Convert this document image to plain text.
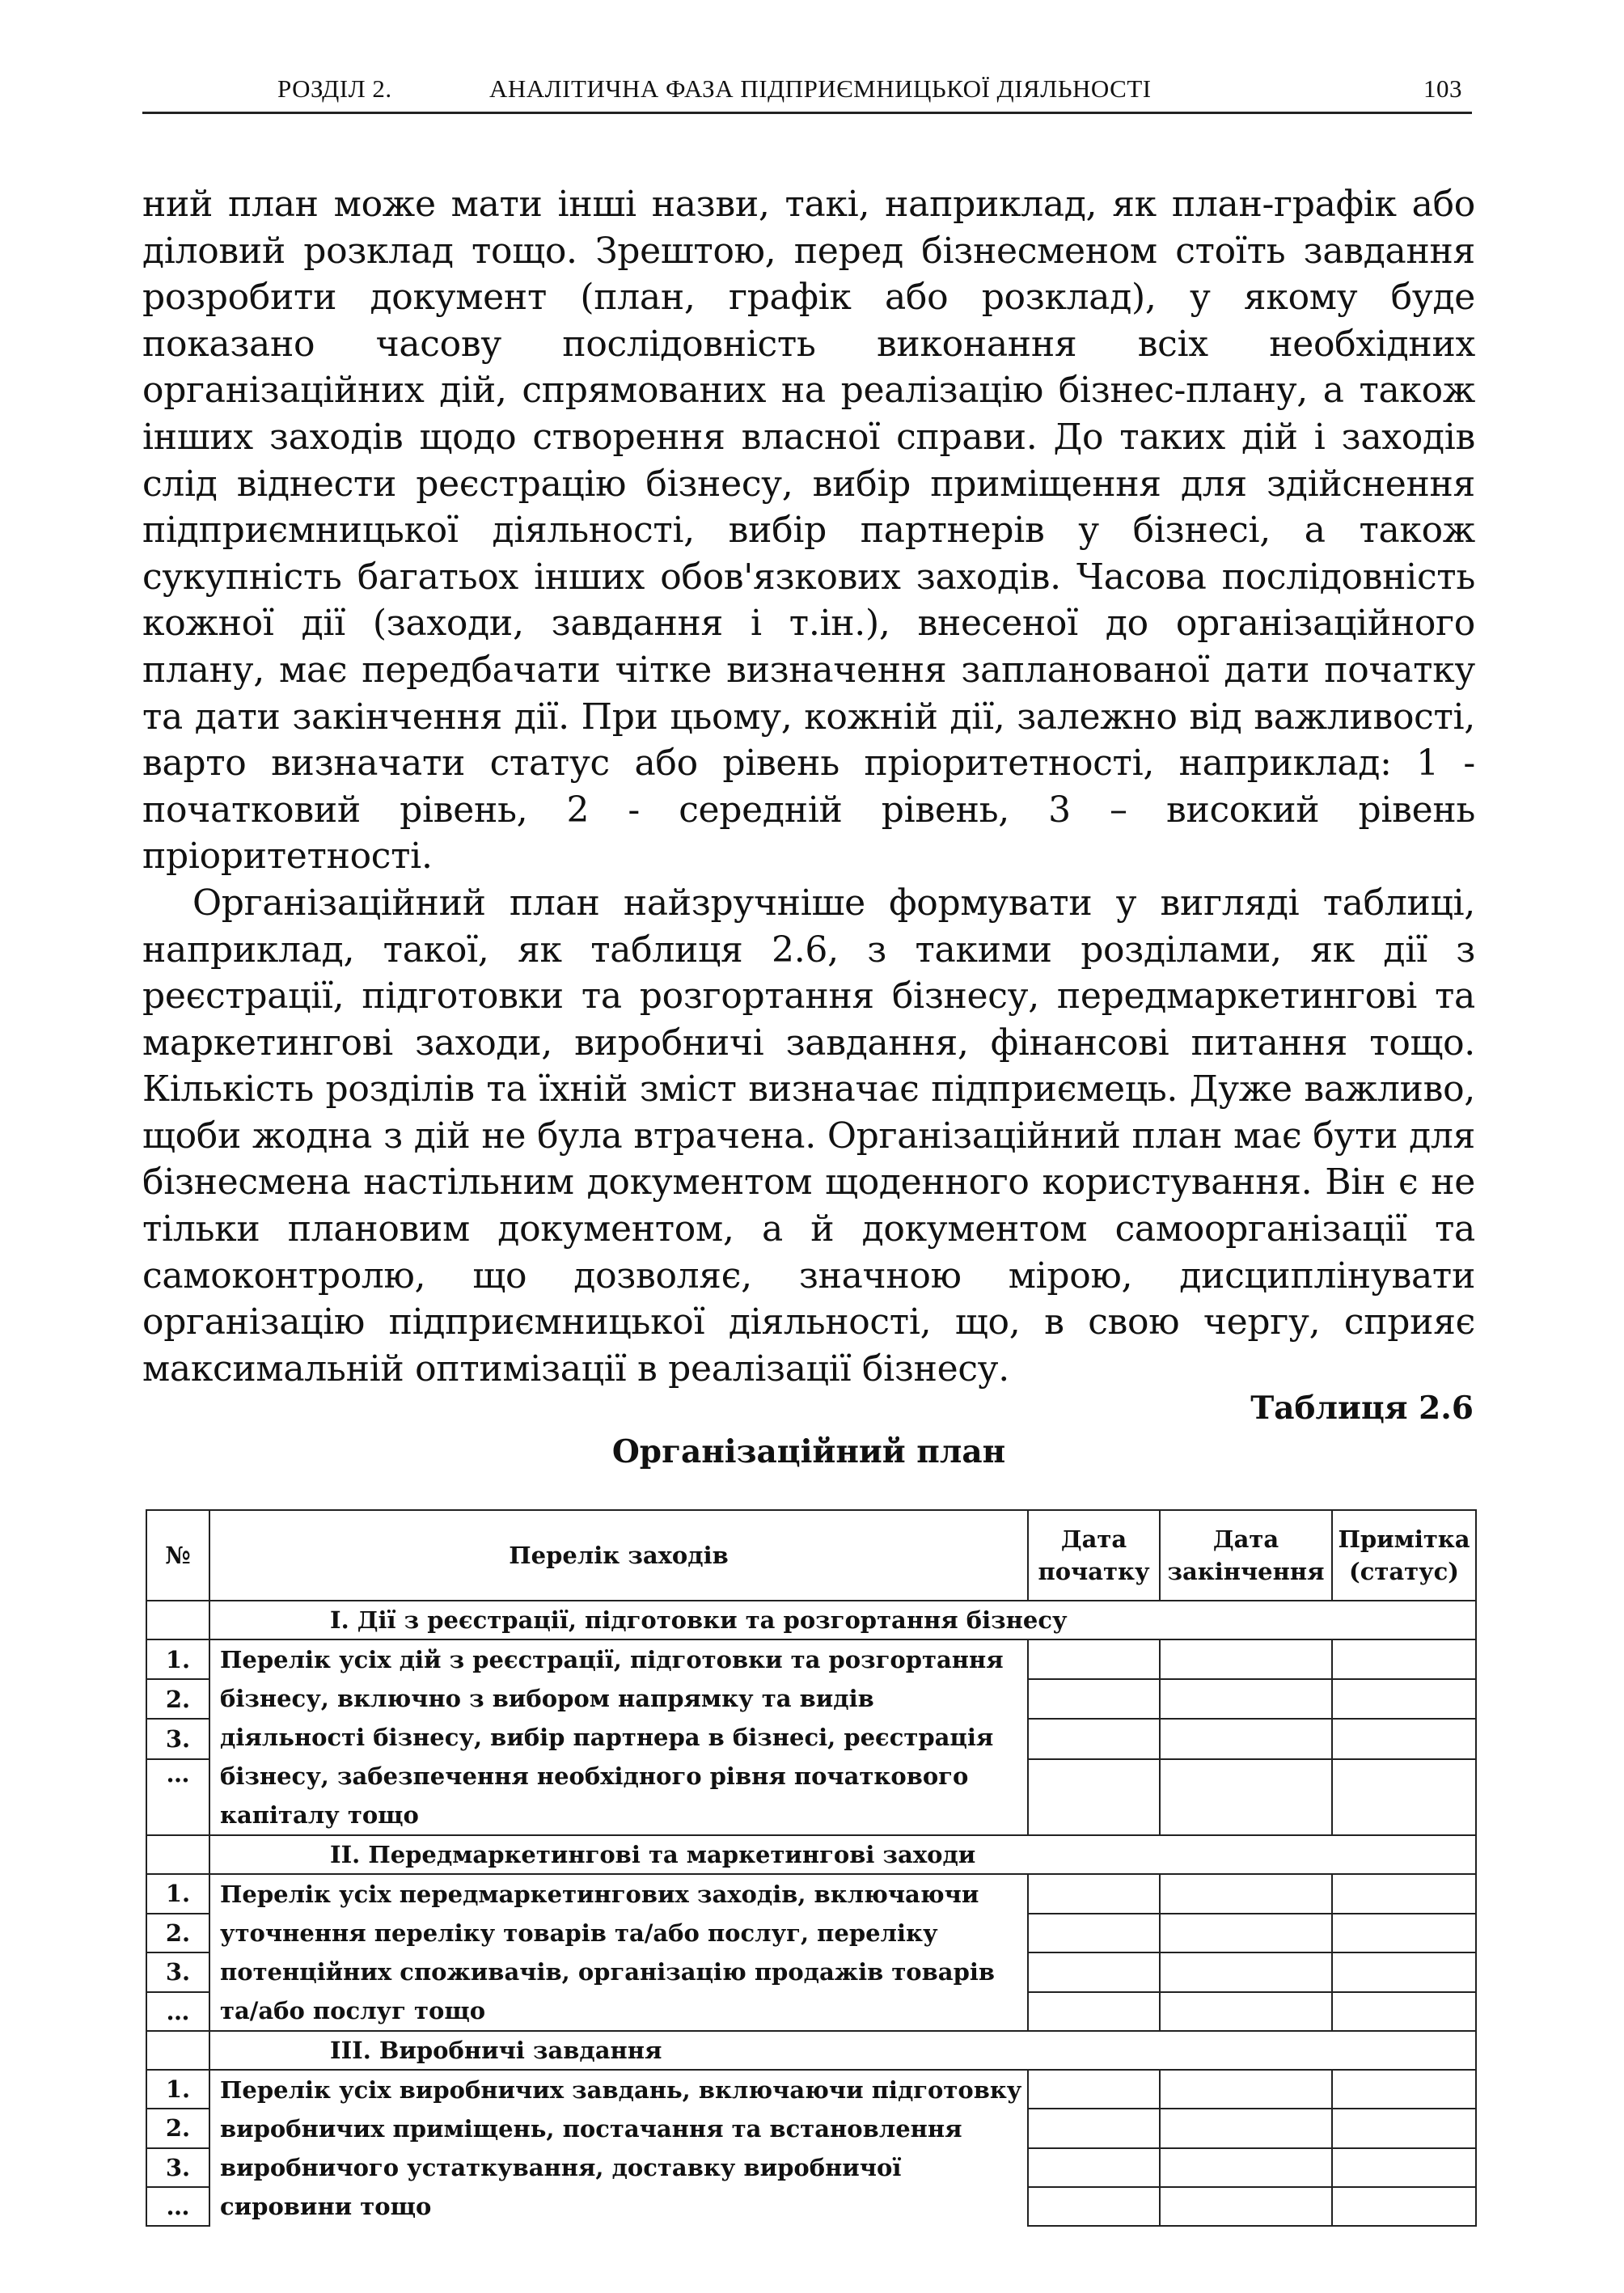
РОЗДІЛ 2.	АНАЛІТИЧНА ФАЗА ПІДПРИЄМНИЦЬКОЇ ДІЯЛЬНОСТІ	103

ний план може мати інші назви, такі, наприклад, як план-графік або діловий розклад тощо. Зрештою, перед бізнесменом стоїть завдання розробити документ (план, графік або розклад), у якому буде показано часову послідовність виконання всіх необхідних організаційних дій, спрямованих на реалізацію бізнес-плану, а також інших заходів щодо створення власної справи. До таких дій і заходів слід віднести реєстрацію бізнесу, вибір приміщення для здійснення підприємницької діяльності, вибір партнерів у бізнесі, а також сукупність багатьох інших обов'язкових заходів. Часова послідовність кожної дії (заходи, завдання і т.ін.), внесеної до організаційного плану, має передбачати чітке визначення запланованої дати початку та дати закінчення дії. При цьому, кожній дії, залежно від важливості, варто визначати статус або рівень пріоритетності, наприклад: 1 - початковий рівень, 2 - середній рівень, 3 – високий рівень пріоритетності.

Організаційний план найзручніше формувати у вигляді таблиці, наприклад, такої, як таблиця 2.6, з такими розділами, як дії з реєстрації, підготовки та розгортання бізнесу, передмаркетингові та маркетингові заходи, виробничі завдання, фінансові питання тощо. Кількість розділів та їхній зміст визначає підприємець. Дуже важливо, щоби жодна з дій не була втрачена. Організаційний план має бути для бізнесмена настільним документом щоденного користування. Він є не тільки плановим документом, а й документом самоорганізації та самоконтролю, що дозволяє, значною мірою, дисциплінувати організацію підприємницької діяльності, що, в свою чергу, сприяє максимальній оптимізації в реалізації бізнесу.

Таблиця 2.6
Організаційний план
№	Перелік заходів	Дата початку	Дата закінчення	Примітка (статус)
	І. Дії з реєстрації, підготовки та розгортання бізнесу			
1.	Перелік усіх дій з реєстрації, підготовки та розгортання бізнесу, включно з вибором напрямку та видів діяльності бізнесу, вибір партнера в бізнесі, реєстрація бізнесу, забезпечення необхідного рівня початкового капіталу тощо			
2.				
3.				
…				
	ІІ. Передмаркетингові та маркетингові заходи			
1.	Перелік усіх передмаркетингових заходів, включаючи уточнення переліку товарів та/або послуг, переліку потенційних споживачів, організацію продажів товарів та/або послуг тощо			
2.				
3.				
…				
	ІІІ. Виробничі завдання			
1.	Перелік усіх виробничих завдань, включаючи підготовку виробничих приміщень, постачання та встановлення виробничого устаткування, доставку виробничої сировини тощо			
2.				
3.				
…				
